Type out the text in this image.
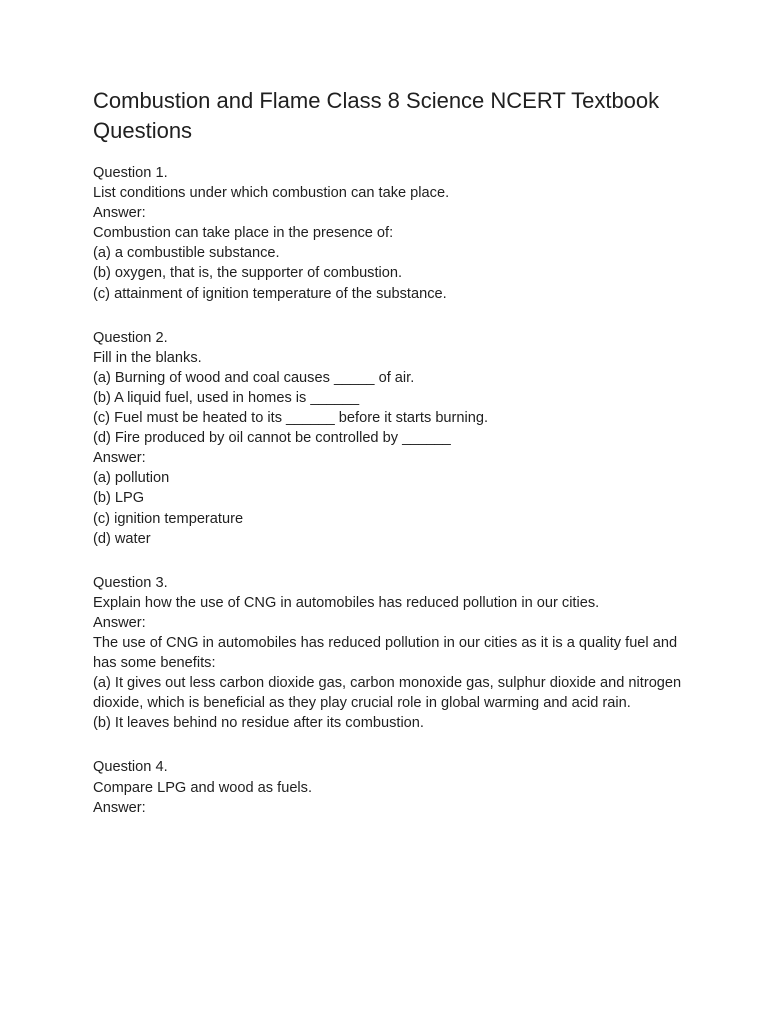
Combustion and Flame Class 8 Science NCERT Textbook Questions

Question 1.

List conditions under which combustion can take place.

Answer:

Combustion can take place in the presence of:

(a) a combustible substance.

(b) oxygen, that is, the supporter of combustion.

(c) attainment of ignition temperature of the substance.

Question 2.

Fill in the blanks.

(a) Burning of wood and coal causes _____ of air.

(b) A liquid fuel, used in homes is ______

(c) Fuel must be heated to its ______ before it starts burning.

(d) Fire produced by oil cannot be controlled by ______

Answer:

(a) pollution

(b) LPG

(c) ignition temperature

(d) water

Question 3.

Explain how the use of CNG in automobiles has reduced pollution in our cities.

Answer:

The use of CNG in automobiles has reduced pollution in our cities as it is a quality fuel and has some benefits:

(a) It gives out less carbon dioxide gas, carbon monoxide gas, sulphur dioxide and nitrogen dioxide, which is beneficial as they play crucial role in global warming and acid rain.

(b) It leaves behind no residue after its combustion.

Question 4.

Compare LPG and wood as fuels.

Answer:
